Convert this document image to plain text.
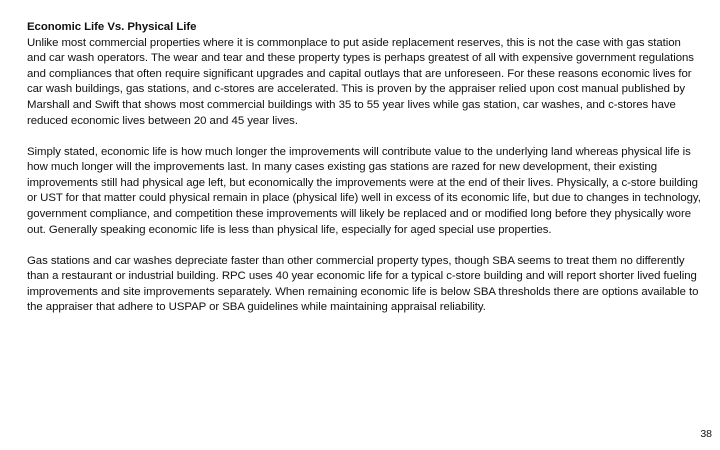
Economic Life Vs. Physical Life

Unlike most commercial properties where it is commonplace to put aside replacement reserves, this is not the case with gas station and car wash operators. The wear and tear and these property types is perhaps greatest of all with expensive government regulations and compliances that often require significant upgrades and capital outlays that are unforeseen. For these reasons economic lives for car wash buildings, gas stations, and c-stores are accelerated. This is proven by the appraiser relied upon cost manual published by Marshall and Swift that shows most commercial buildings with 35 to 55 year lives while gas station, car washes, and c-stores have reduced economic lives between 20 and 45 year lives.

Simply stated, economic life is how much longer the improvements will contribute value to the underlying land whereas physical life is how much longer will the improvements last. In many cases existing gas stations are razed for new development, their existing improvements still had physical age left, but economically the improvements were at the end of their lives. Physically, a c-store building or UST for that matter could physical remain in place (physical life) well in excess of its economic life, but due to changes in technology, government compliance, and competition these improvements will likely be replaced and or modified long before they physically wore out. Generally speaking economic life is less than physical life, especially for aged special use properties.

Gas stations and car washes depreciate faster than other commercial property types, though SBA seems to treat them no differently than a restaurant or industrial building. RPC uses 40 year economic life for a typical c-store building and will report shorter lived fueling improvements and site improvements separately. When remaining economic life is below SBA thresholds there are options available to the appraiser that adhere to USPAP or SBA guidelines while maintaining appraisal reliability.

38
